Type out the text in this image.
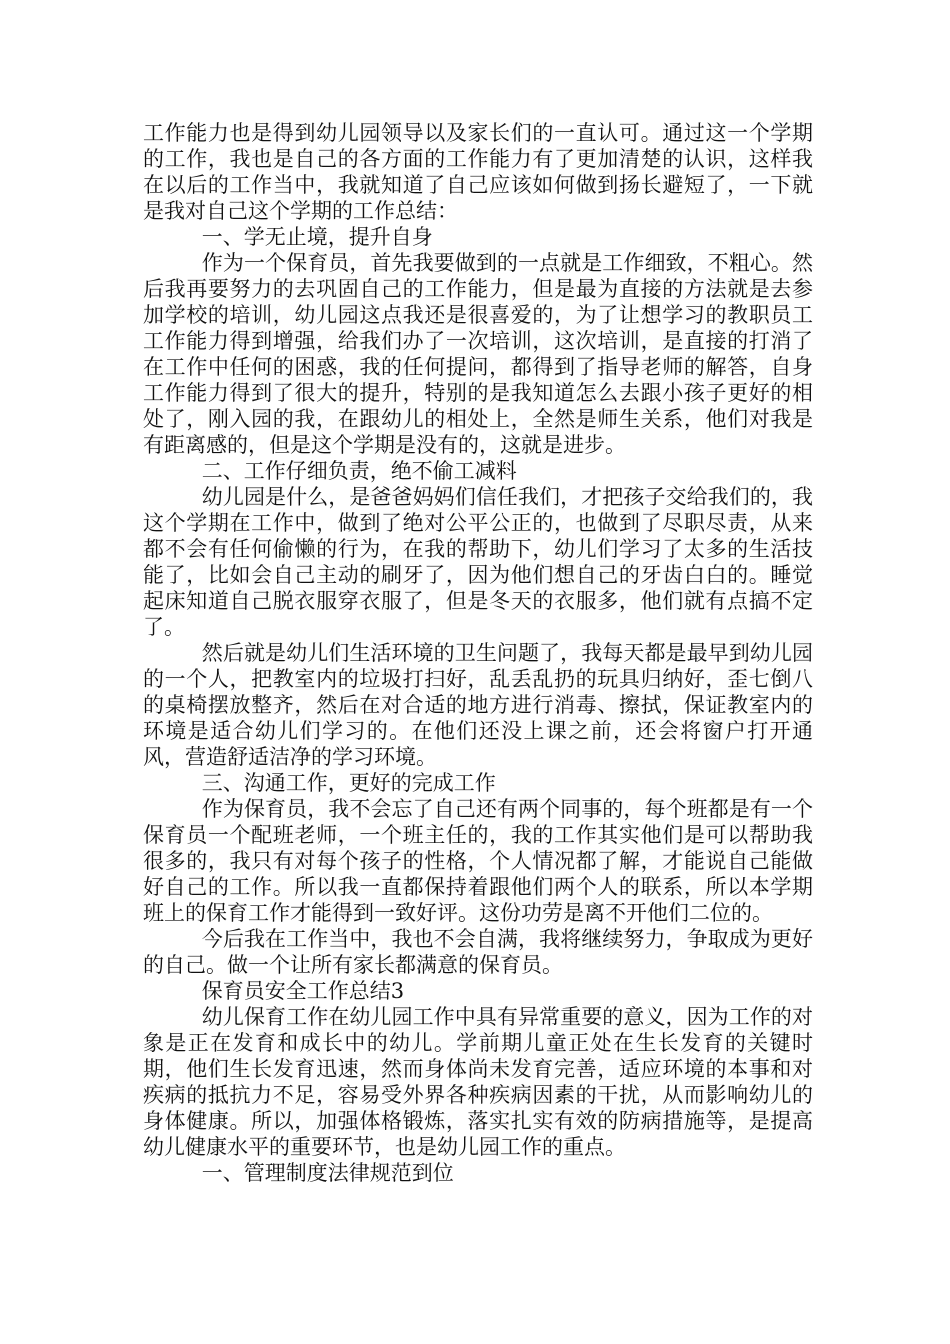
工作能力也是得到幼儿园领导以及家长们的一直认可。通过这一个学期的工作，我也是自己的各方面的工作能力有了更加清楚的认识，这样我在以后的工作当中，我就知道了自己应该如何做到扬长避短了，一下就是我对自己这个学期的工作总结：

一、学无止境，提升自身

作为一个保育员，首先我要做到的一点就是工作细致，不粗心。然后我再要努力的去巩固自己的工作能力，但是最为直接的方法就是去参加学校的培训，幼儿园这点我还是很喜爱的，为了让想学习的教职员工工作能力得到增强，给我们办了一次培训，这次培训，是直接的打消了在工作中任何的困惑，我的任何提问，都得到了指导老师的解答，自身工作能力得到了很大的提升，特别的是我知道怎么去跟小孩子更好的相处了，刚入园的我，在跟幼儿的相处上，全然是师生关系，他们对我是有距离感的，但是这个学期是没有的，这就是进步。

二、工作仔细负责，绝不偷工减料

幼儿园是什么，是爸爸妈妈们信任我们，才把孩子交给我们的，我这个学期在工作中，做到了绝对公平公正的，也做到了尽职尽责，从来都不会有任何偷懒的行为，在我的帮助下，幼儿们学习了太多的生活技能了，比如会自己主动的刷牙了，因为他们想自己的牙齿白白的。睡觉起床知道自己脱衣服穿衣服了，但是冬天的衣服多，他们就有点搞不定了。

然后就是幼儿们生活环境的卫生问题了，我每天都是最早到幼儿园的一个人，把教室内的垃圾打扫好，乱丢乱扔的玩具归纳好，歪七倒八的桌椅摆放整齐，然后在对合适的地方进行消毒、擦拭，保证教室内的环境是适合幼儿们学习的。在他们还没上课之前，还会将窗户打开通风，营造舒适洁净的学习环境。

三、沟通工作，更好的完成工作

作为保育员，我不会忘了自己还有两个同事的，每个班都是有一个保育员一个配班老师，一个班主任的，我的工作其实他们是可以帮助我很多的，我只有对每个孩子的性格，个人情况都了解，才能说自己能做好自己的工作。所以我一直都保持着跟他们两个人的联系，所以本学期班上的保育工作才能得到一致好评。这份功劳是离不开他们二位的。

今后我在工作当中，我也不会自满，我将继续努力，争取成为更好的自己。做一个让所有家长都满意的保育员。

保育员安全工作总结3

幼儿保育工作在幼儿园工作中具有异常重要的意义，因为工作的对象是正在发育和成长中的幼儿。学前期儿童正处在生长发育的关键时期，他们生长发育迅速，然而身体尚未发育完善，适应环境的本事和对疾病的抵抗力不足，容易受外界各种疾病因素的干扰，从而影响幼儿的身体健康。所以，加强体格锻炼，落实扎实有效的防病措施等，是提高幼儿健康水平的重要环节，也是幼儿园工作的重点。

一、管理制度法律规范到位
